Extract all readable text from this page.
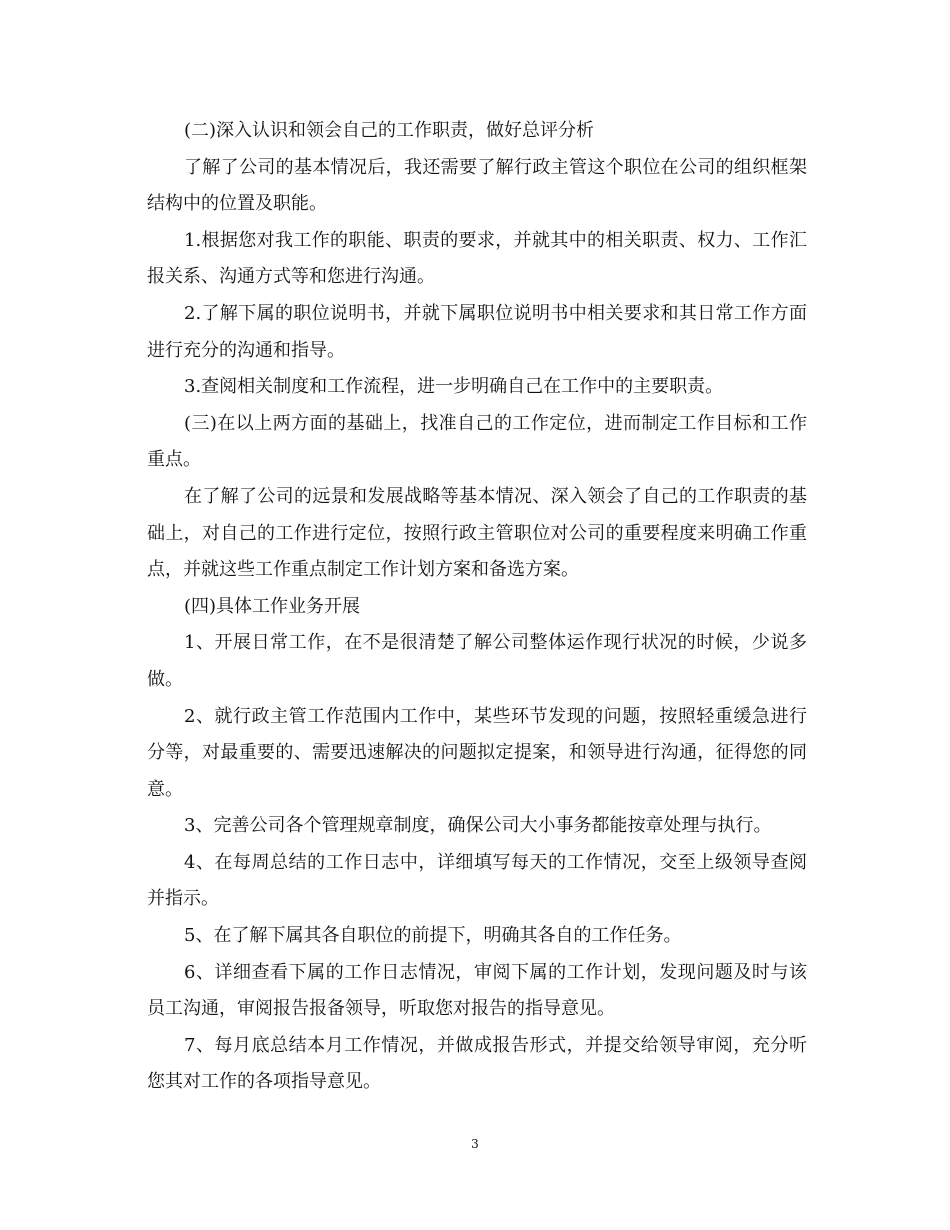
(二)深入认识和领会自己的工作职责，做好总评分析

了解了公司的基本情况后，我还需要了解行政主管这个职位在公司的组织框架结构中的位置及职能。

1.根据您对我工作的职能、职责的要求，并就其中的相关职责、权力、工作汇报关系、沟通方式等和您进行沟通。

2.了解下属的职位说明书，并就下属职位说明书中相关要求和其日常工作方面进行充分的沟通和指导。

3.查阅相关制度和工作流程，进一步明确自己在工作中的主要职责。

(三)在以上两方面的基础上，找准自己的工作定位，进而制定工作目标和工作重点。

在了解了公司的远景和发展战略等基本情况、深入领会了自己的工作职责的基础上，对自己的工作进行定位，按照行政主管职位对公司的重要程度来明确工作重点，并就这些工作重点制定工作计划方案和备选方案。

(四)具体工作业务开展

1、开展日常工作，在不是很清楚了解公司整体运作现行状况的时候，少说多做。

2、就行政主管工作范围内工作中，某些环节发现的问题，按照轻重缓急进行分等，对最重要的、需要迅速解决的问题拟定提案，和领导进行沟通，征得您的同意。

3、完善公司各个管理规章制度，确保公司大小事务都能按章处理与执行。

4、在每周总结的工作日志中，详细填写每天的工作情况，交至上级领导查阅并指示。

5、在了解下属其各自职位的前提下，明确其各自的工作任务。

6、详细查看下属的工作日志情况，审阅下属的工作计划，发现问题及时与该员工沟通，审阅报告报备领导，听取您对报告的指导意见。

7、每月底总结本月工作情况，并做成报告形式，并提交给领导审阅，充分听您其对工作的各项指导意见。

3
